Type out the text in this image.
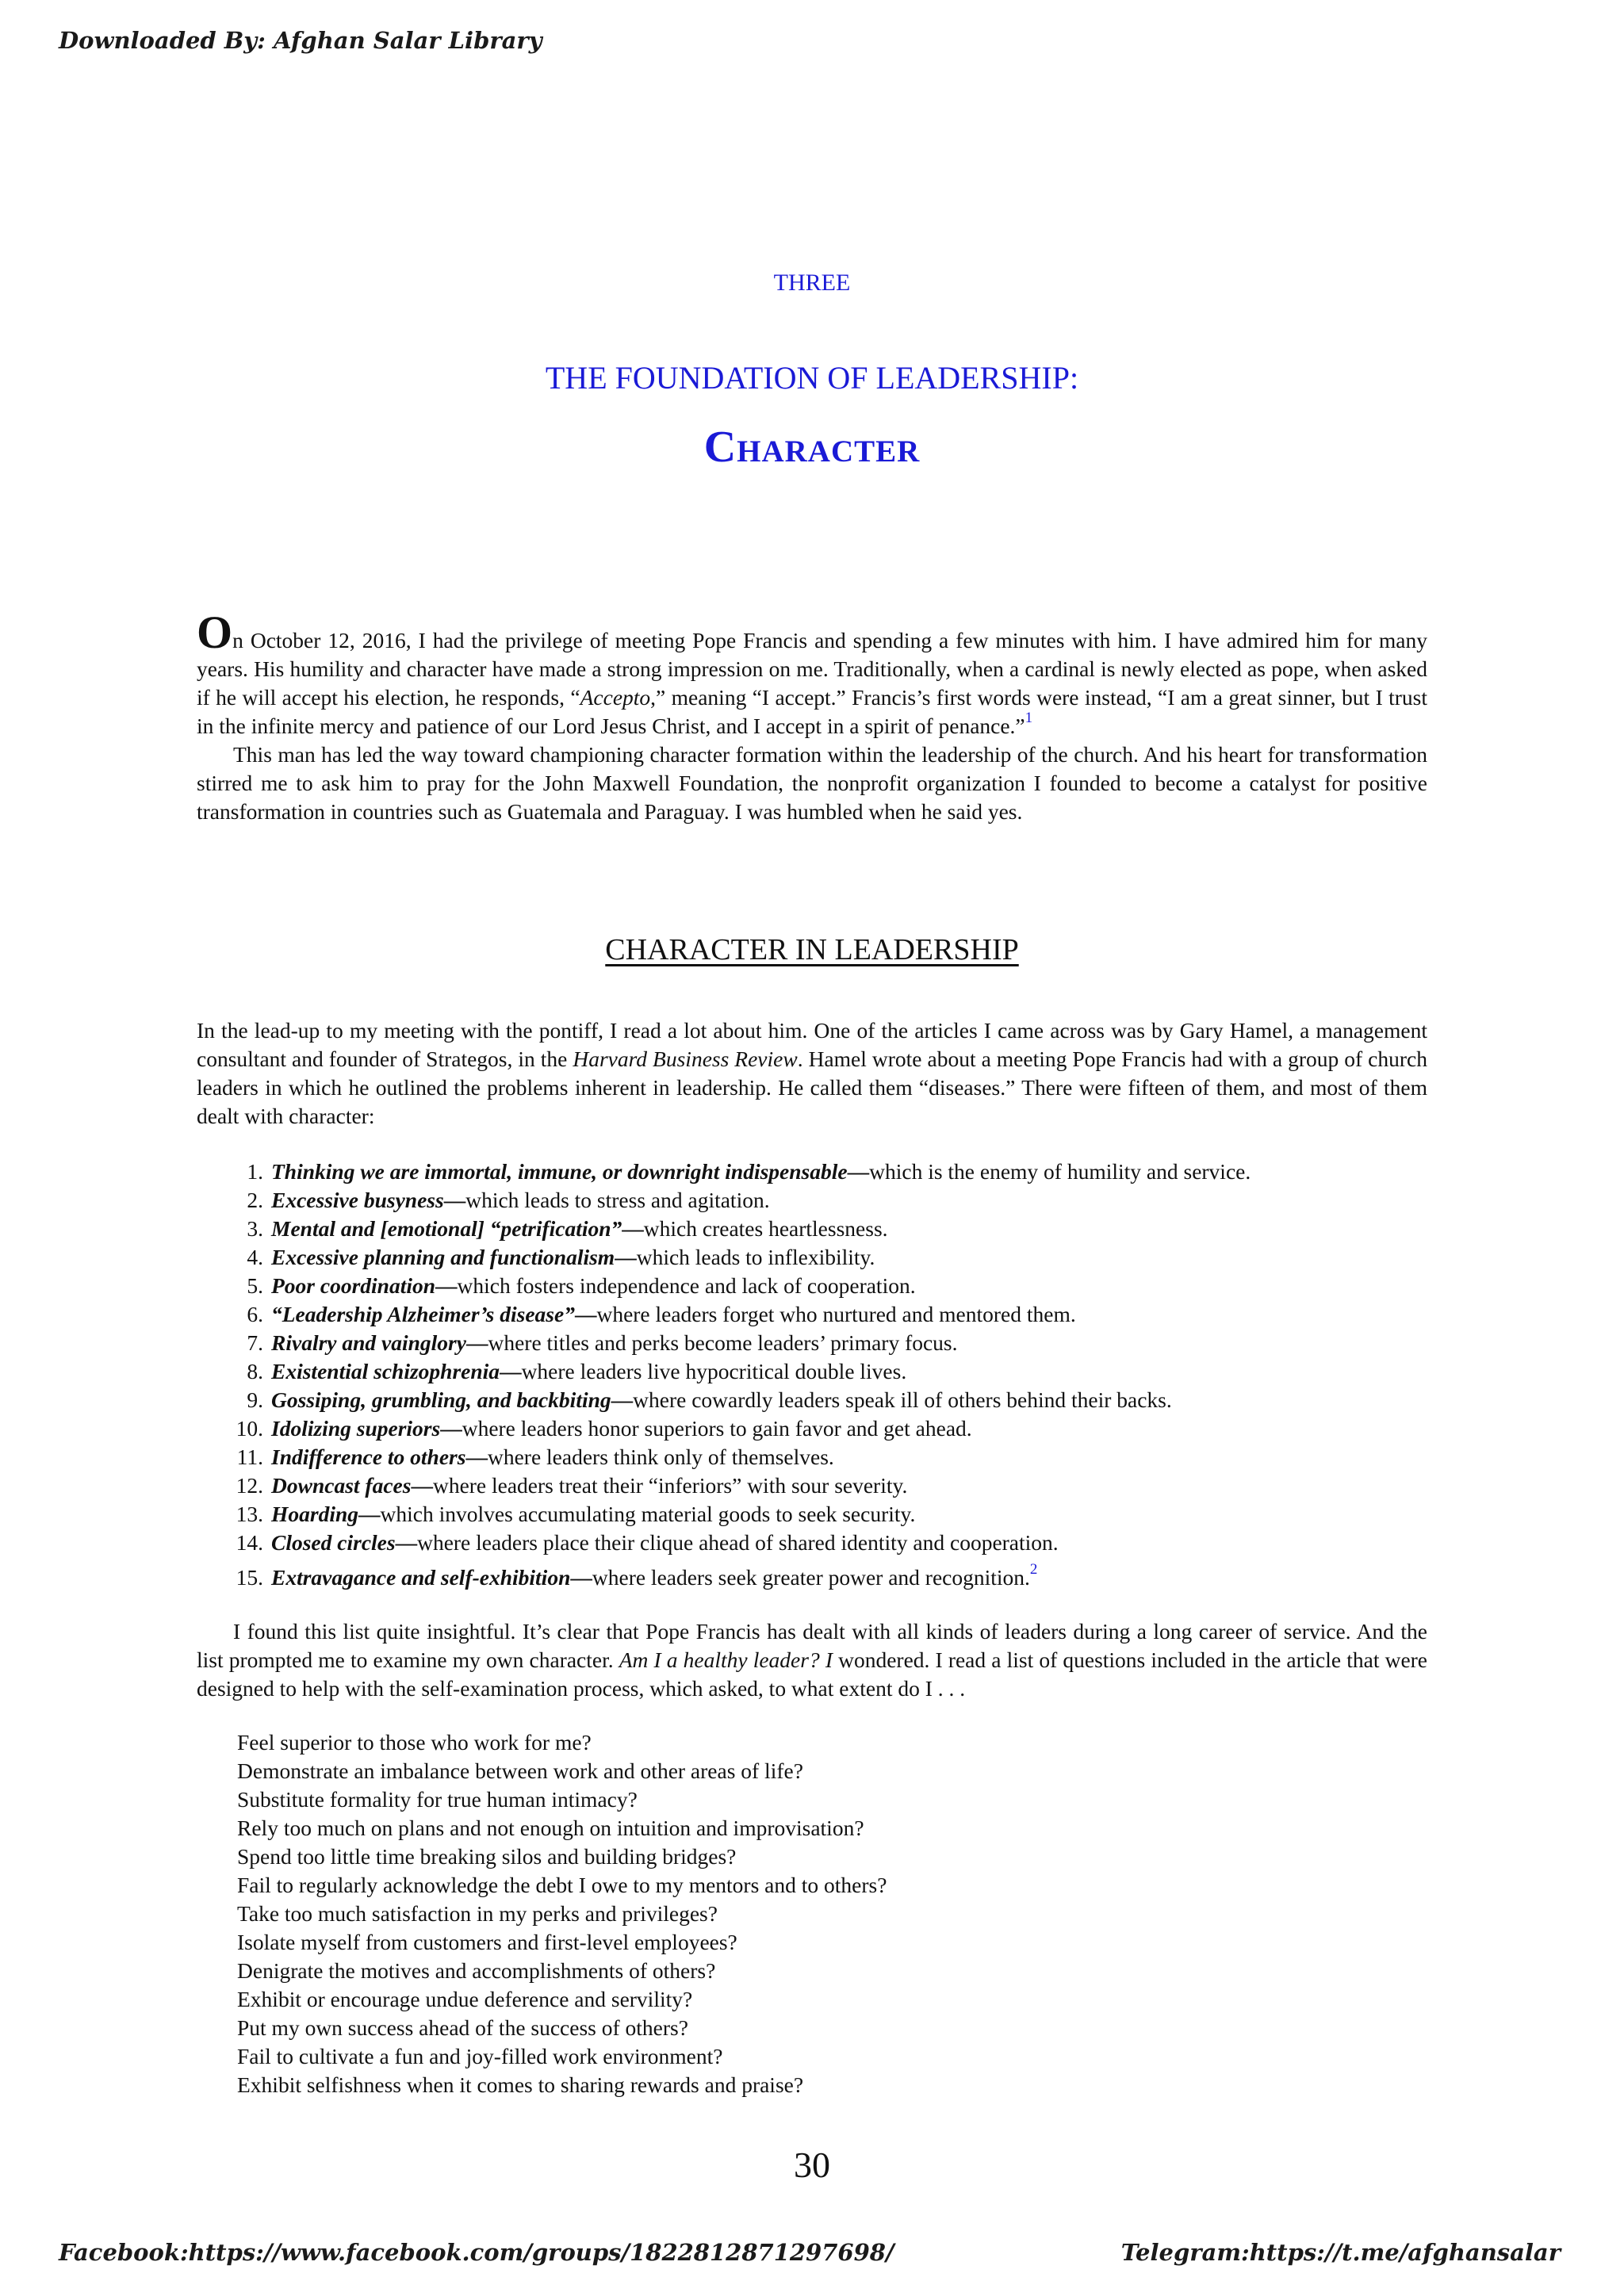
Downloaded By: Afghan Salar Library
THREE
THE FOUNDATION OF LEADERSHIP:
Character

On October 12, 2016, I had the privilege of meeting Pope Francis and spending a few minutes with him. I have admired him for many years. His humility and character have made a strong impression on me. Traditionally, when a cardinal is newly elected as pope, when asked if he will accept his election, he responds, “Accepto,” meaning “I accept.” Francis’s first words were instead, “I am a great sinner, but I trust in the infinite mercy and patience of our Lord Jesus Christ, and I accept in a spirit of penance.”$^1$

This man has led the way toward championing character formation within the leadership of the church. And his heart for transformation stirred me to ask him to pray for the John Maxwell Foundation, the nonprofit organization I founded to become a catalyst for positive transformation in countries such as Guatemala and Paraguay. I was humbled when he said yes.

CHARACTER IN LEADERSHIP

In the lead-up to my meeting with the pontiff, I read a lot about him. One of the articles I came across was by Gary Hamel, a management consultant and founder of Strategos, in the Harvard Business Review. Hamel wrote about a meeting Pope Francis had with a group of church leaders in which he outlined the problems inherent in leadership. He called them “diseases.” There were fifteen of them, and most of them dealt with character:

1. Thinking we are immortal, immune, or downright indispensable—which is the enemy of humility and service.
2. Excessive busyness—which leads to stress and agitation.
3. Mental and [emotional] “petrification”—which creates heartlessness.
4. Excessive planning and functionalism—which leads to inflexibility.
5. Poor coordination—which fosters independence and lack of cooperation.
6. “Leadership Alzheimer’s disease”—where leaders forget who nurtured and mentored them.
7. Rivalry and vainglory—where titles and perks become leaders’ primary focus.
8. Existential schizophrenia—where leaders live hypocritical double lives.
9. Gossiping, grumbling, and backbiting—where cowardly leaders speak ill of others behind their backs.
10. Idolizing superiors—where leaders honor superiors to gain favor and get ahead.
11. Indifference to others—where leaders think only of themselves.
12. Downcast faces—where leaders treat their “inferiors” with sour severity.
13. Hoarding—which involves accumulating material goods to seek security.
14. Closed circles—where leaders place their clique ahead of shared identity and cooperation.
15. Extravagance and self-exhibition—where leaders seek greater power and recognition.$^2$

I found this list quite insightful. It’s clear that Pope Francis has dealt with all kinds of leaders during a long career of service. And the list prompted me to examine my own character. Am I a healthy leader? I wondered. I read a list of questions included in the article that were designed to help with the self-examination process, which asked, to what extent do I . . .

Feel superior to those who work for me?
Demonstrate an imbalance between work and other areas of life?
Substitute formality for true human intimacy?
Rely too much on plans and not enough on intuition and improvisation?
Spend too little time breaking silos and building bridges?
Fail to regularly acknowledge the debt I owe to my mentors and to others?
Take too much satisfaction in my perks and privileges?
Isolate myself from customers and first-level employees?
Denigrate the motives and accomplishments of others?
Exhibit or encourage undue deference and servility?
Put my own success ahead of the success of others?
Fail to cultivate a fun and joy-filled work environment?
Exhibit selfishness when it comes to sharing rewards and praise?
30
Facebook:https://www.facebook.com/groups/1822812871297698/	Telegram:https://t.me/afghansalar
